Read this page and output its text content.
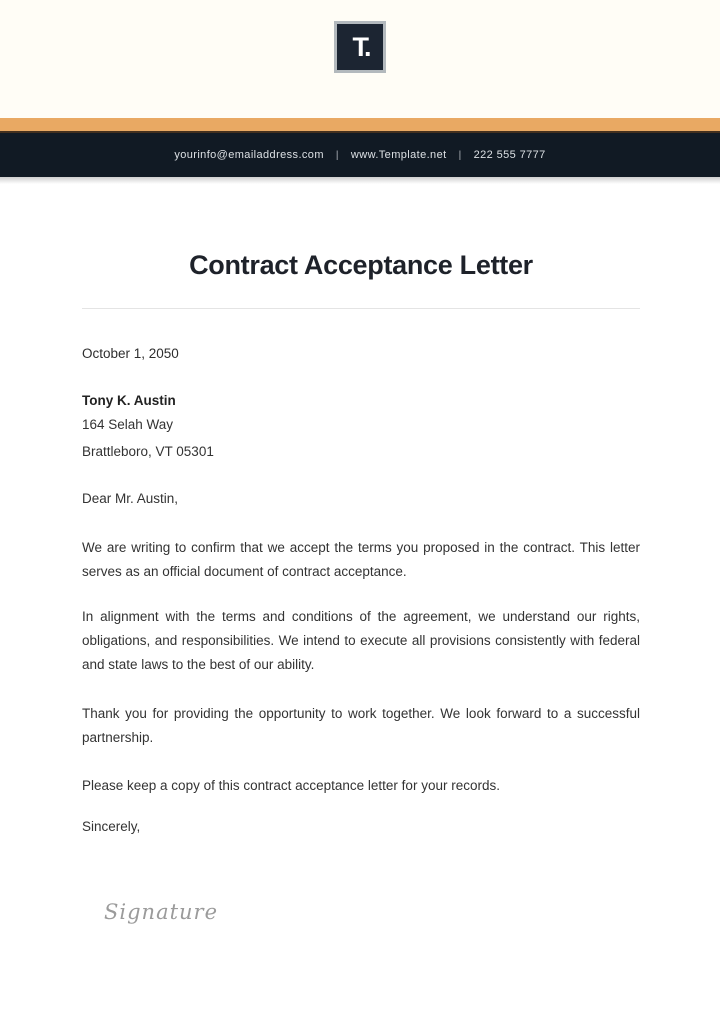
T.
yourinfo@emailaddress.com | www.Template.net | 222 555 7777
Contract Acceptance Letter

October 1, 2050

Tony K. Austin

164 Selah Way

Brattleboro, VT 05301

Dear Mr. Austin,

We are writing to confirm that we accept the terms you proposed in the contract. This letter serves as an official document of contract acceptance.

In alignment with the terms and conditions of the agreement, we understand our rights, obligations, and responsibilities. We intend to execute all provisions consistently with federal and state laws to the best of our ability.

Thank you for providing the opportunity to work together. We look forward to a successful partnership.

Please keep a copy of this contract acceptance letter for your records.

Sincerely,

Signature
